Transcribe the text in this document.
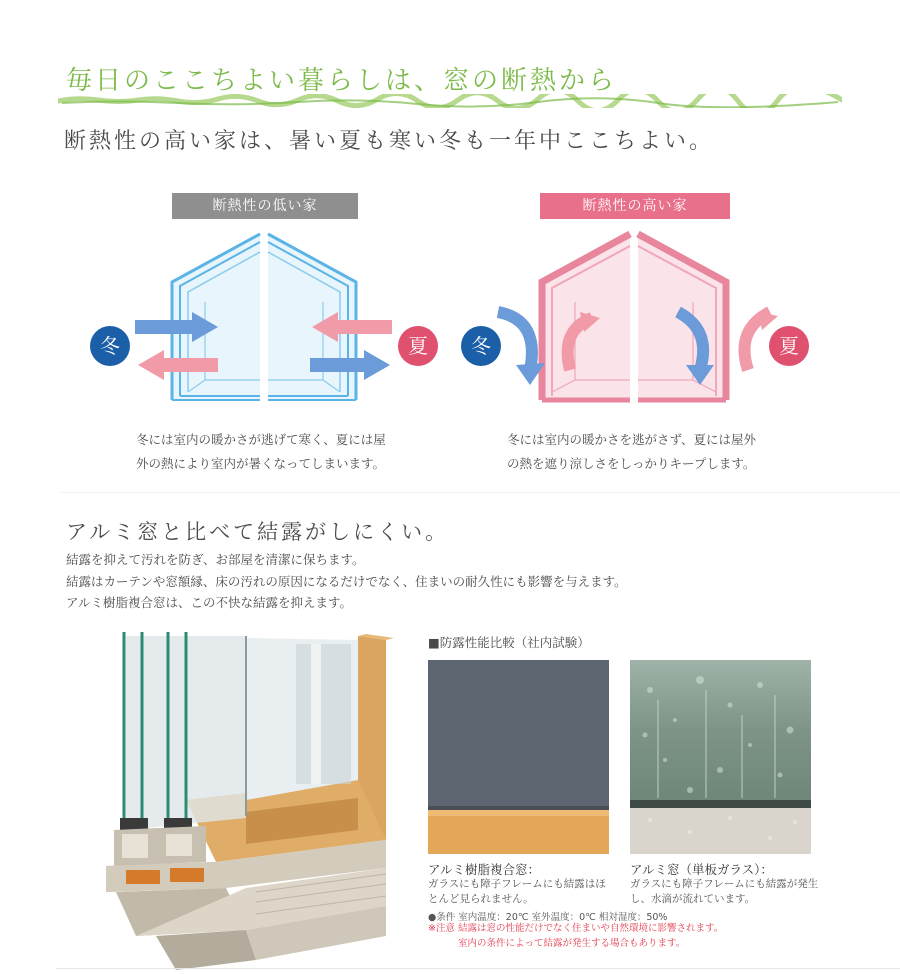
毎日のここちよい暮らしは、窓の断熱から
断熱性の高い家は、暑い夏も寒い冬も一年中ここちよい。
断熱性の低い家	断熱性の高い家
冬	夏 冬	夏
冬には室内の暖かさが逃げて寒く、夏には屋
外の熱により室内が暑くなってしまいます。
冬には室内の暖かさを逃がさず、夏には屋外
の熱を遮り涼しさをしっかりキープします。
アルミ窓と比べて結露がしにくい。
結露を抑えて汚れを防ぎ、お部屋を清潔に保ちます。
結露はカーテンや窓額縁、床の汚れの原因になるだけでなく、住まいの耐久性にも影響を与えます。
アルミ樹脂複合窓は、この不快な結露を抑えます。
■防露性能比較（社内試験）
アルミ樹脂複合窓：
ガラスにも障子フレームにも結露はほとんど見られません。
アルミ窓（単板ガラス）：
ガラスにも障子フレームにも結露が発生し、水滴が流れています。
●条件 室内温度：20℃ 室外温度：0℃ 相対湿度：50%
※注意 結露は窓の性能だけでなく住まいや自然環境に影響されます。
室内の条件によって結露が発生する場合もあります。
